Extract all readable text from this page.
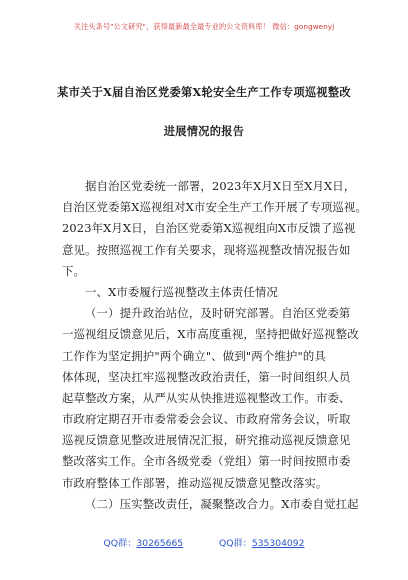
关注头条号"公文研究"，获得最新最全最专业的公文资料库！ 微信：gongwenyj
某市关于X届自治区党委第X轮安全生产工作专项巡视整改
进展情况的报告
据自治区党委统一部署，2023年X月X日至X月X日，
自治区党委第X巡视组对X市安全生产工作开展了专项巡视。
2023年X月X日，自治区党委第X巡视组向X市反馈了巡视
意见。按照巡视工作有关要求，现将巡视整改情况报告如
下。
一、X市委履行巡视整改主体责任情况
（一）提升政治站位，及时研究部署。自治区党委第
一巡视组反馈意见后，X市高度重视，坚持把做好巡视整改
工作作为坚定拥护"两个确立"、做到"两个维护"的具
体体现，坚决扛牢巡视整改政治责任，第一时间组织人员
起草整改方案，从严从实从快推进巡视整改工作。市委、
市政府定期召开市委常委会会议、市政府常务会议，听取
巡视反馈意见整改进展情况汇报，研究推动巡视反馈意见
整改落实工作。全市各级党委（党组）第一时间按照市委
市政府整体工作部署，推动巡视反馈意见整改落实。
（二）压实整改责任，凝聚整改合力。X市委自觉扛起
QQ群：30265665	QQ群：535304092
